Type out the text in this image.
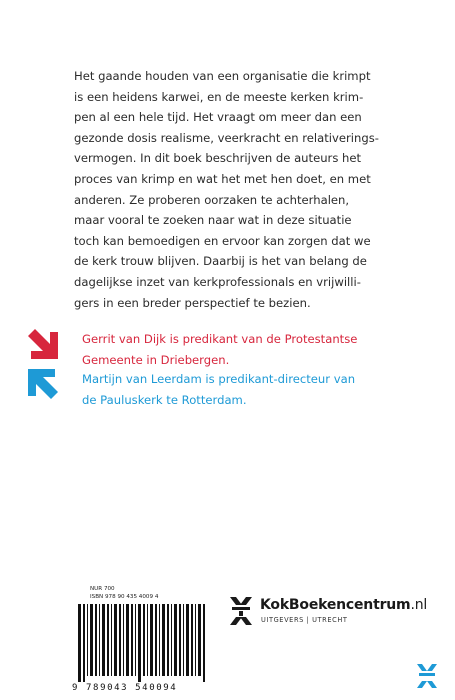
Het gaande houden van een organisatie die krimpt
is een heidens karwei, en de meeste kerken krim-
pen al een hele tijd. Het vraagt om meer dan een
gezonde dosis realisme, veerkracht en relativerings-
vermogen. In dit boek beschrijven de auteurs het
proces van krimp en wat het met hen doet, en met
anderen. Ze proberen oorzaken te achterhalen,
maar vooral te zoeken naar wat in deze situatie
toch kan bemoedigen en ervoor kan zorgen dat we
de kerk trouw blijven. Daarbij is het van belang de
dagelijkse inzet van kerkprofessionals en vrijwilli-
gers in een breder perspectief te bezien.
Gerrit van Dijk is predikant van de Protestantse
Gemeente in Driebergen.
Martijn van Leerdam is predikant-directeur van
de Pauluskerk te Rotterdam.
NUR 700
ISBN 978 90 435 4009 4
9 789043 540094
KokBoekencentrum.nl
UITGEVERS | UTRECHT
